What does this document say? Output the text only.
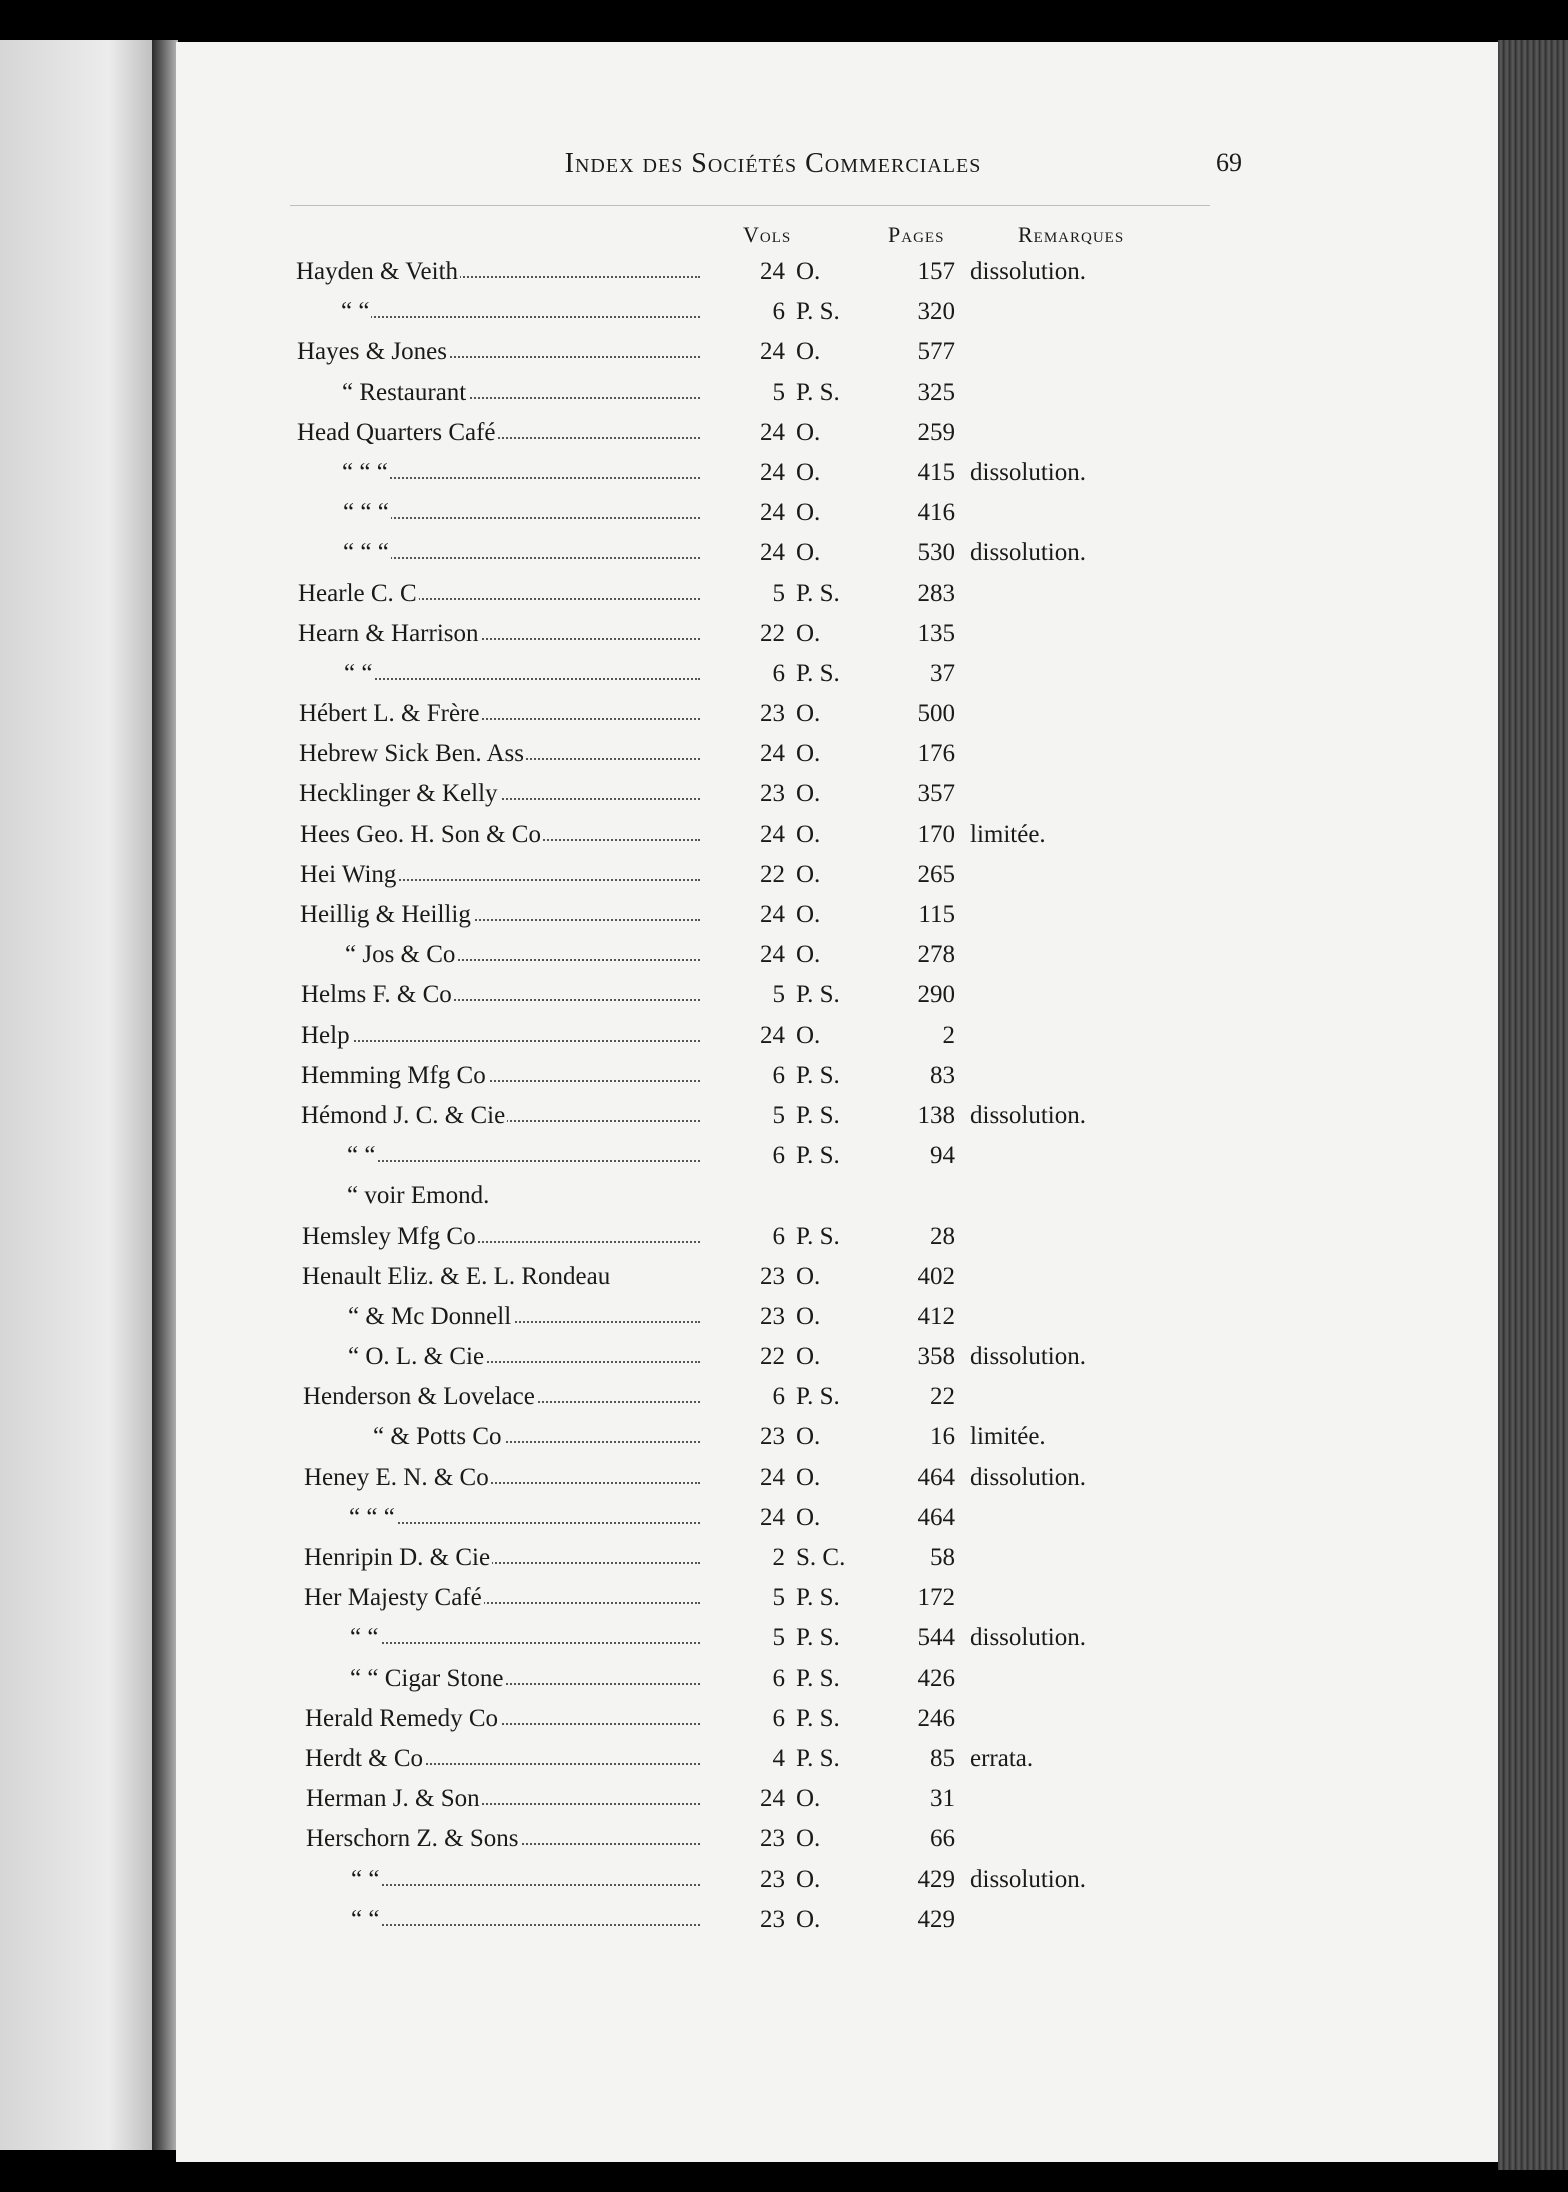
Index des Sociétés Commerciales	69
Vols	Pages	Remarques
Hayden & Veith	24 O.	157 dissolution.
“ “	6 P. S.	320
Hayes & Jones	24 O.	577
“ Restaurant	5 P. S.	325
Head Quarters Café	24 O.	259
“ “ “	24 O.	415 dissolution.
“ “ “	24 O.	416
“ “ “	24 O.	530 dissolution.
Hearle C. C	5 P. S.	283
Hearn & Harrison	22 O.	135
“ “	6 P. S.	37
Hébert L. & Frère	23 O.	500
Hebrew Sick Ben. Ass	24 O.	176
Hecklinger & Kelly	23 O.	357
Hees Geo. H. Son & Co	24 O.	170 limitée.
Hei Wing	22 O.	265
Heillig & Heillig	24 O.	115
“ Jos & Co	24 O.	278
Helms F. & Co	5 P. S.	290
Help	24 O.	2
Hemming Mfg Co	6 P. S.	83
Hémond J. C. & Cie	5 P. S.	138 dissolution.
“ “	6 P. S.	94
“ voir Emond.
Hemsley Mfg Co	6 P. S.	28
Henault Eliz. & E. L. Rondeau	23 O.	402
“ & Mc Donnell	23 O.	412
“ O. L. & Cie	22 O.	358 dissolution.
Henderson & Lovelace	6 P. S.	22
“ & Potts Co	23 O.	16 limitée.
Heney E. N. & Co	24 O.	464 dissolution.
“ “ “	24 O.	464
Henripin D. & Cie	2 S. C.	58
Her Majesty Café	5 P. S.	172
“ “	5 P. S.	544 dissolution.
“ “ Cigar Stone	6 P. S.	426
Herald Remedy Co	6 P. S.	246
Herdt & Co	4 P. S.	85 errata.
Herman J. & Son	24 O.	31
Herschorn Z. & Sons	23 O.	66
“ “	23 O.	429 dissolution.
“ “	23 O.	429
